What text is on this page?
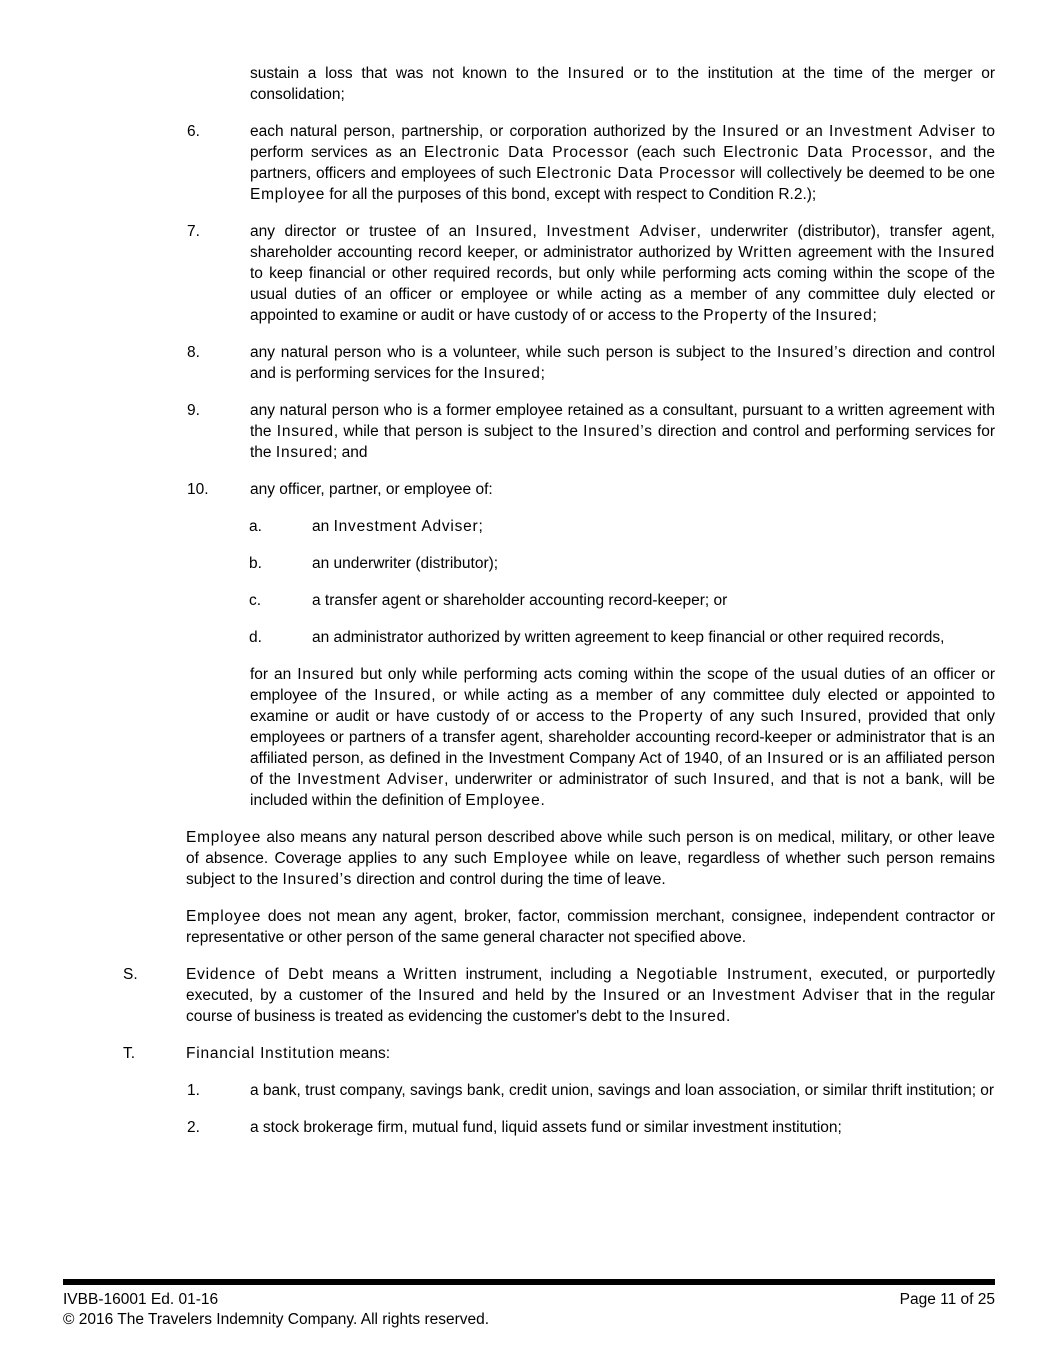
sustain a loss that was not known to the Insured or to the institution at the time of the merger or consolidation;
6.	each natural person, partnership, or corporation authorized by the Insured or an Investment Adviser to perform services as an Electronic Data Processor (each such Electronic Data Processor, and the partners, officers and employees of such Electronic Data Processor will collectively be deemed to be one Employee for all the purposes of this bond, except with respect to Condition R.2.);
7.	any director or trustee of an Insured, Investment Adviser, underwriter (distributor), transfer agent, shareholder accounting record keeper, or administrator authorized by Written agreement with the Insured to keep financial or other required records, but only while performing acts coming within the scope of the usual duties of an officer or employee or while acting as a member of any committee duly elected or appointed to examine or audit or have custody of or access to the Property of the Insured;
8.	any natural person who is a volunteer, while such person is subject to the Insured’s direction and control and is performing services for the Insured;
9.	any natural person who is a former employee retained as a consultant, pursuant to a written agreement with the Insured, while that person is subject to the Insured’s direction and control and performing services for the Insured; and
10.	any officer, partner, or employee of:
a.	an Investment Adviser;
b.	an underwriter (distributor);
c.	a transfer agent or shareholder accounting record-keeper; or
d.	an administrator authorized by written agreement to keep financial or other required records,
for an Insured but only while performing acts coming within the scope of the usual duties of an officer or employee of the Insured, or while acting as a member of any committee duly elected or appointed to examine or audit or have custody of or access to the Property of any such Insured, provided that only employees or partners of a transfer agent, shareholder accounting record-keeper or administrator that is an affiliated person, as defined in the Investment Company Act of 1940, of an Insured or is an affiliated person of the Investment Adviser, underwriter or administrator of such Insured, and that is not a bank, will be included within the definition of Employee.
Employee also means any natural person described above while such person is on medical, military, or other leave of absence. Coverage applies to any such Employee while on leave, regardless of whether such person remains subject to the Insured’s direction and control during the time of leave.
Employee does not mean any agent, broker, factor, commission merchant, consignee, independent contractor or representative or other person of the same general character not specified above.
S.	Evidence of Debt means a Written instrument, including a Negotiable Instrument, executed, or purportedly executed, by a customer of the Insured and held by the Insured or an Investment Adviser that in the regular course of business is treated as evidencing the customer's debt to the Insured.
T.	Financial Institution means:
1.	a bank, trust company, savings bank, credit union, savings and loan association, or similar thrift institution; or
2.	a stock brokerage firm, mutual fund, liquid assets fund or similar investment institution;
IVBB-16001 Ed. 01-16	Page 11 of 25
© 2016 The Travelers Indemnity Company. All rights reserved.
